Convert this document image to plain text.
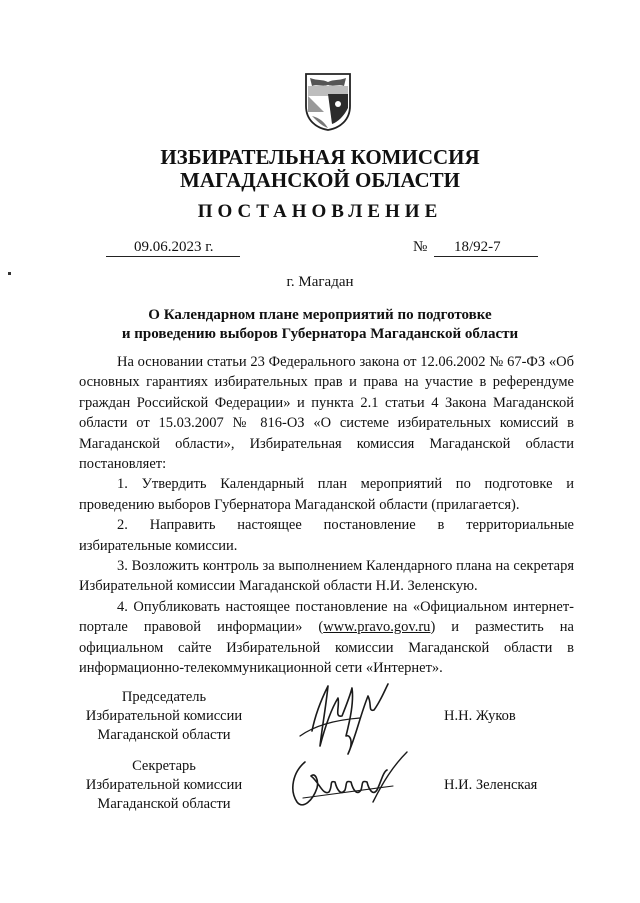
ИЗБИРАТЕЛЬНАЯ КОМИССИЯ
МАГАДАНСКОЙ ОБЛАСТИ
ПОСТАНОВЛЕНИЕ
09.06.2023 г.	№	18/92-7
г. Магадан
О Календарном плане мероприятий по подготовке
и проведению выборов Губернатора Магаданской области

На основании статьи 23 Федерального закона от 12.06.2002 № 67-ФЗ «Об основных гарантиях избирательных прав и права на участие в референдуме граждан Российской Федерации» и пункта 2.1 статьи 4 Закона Магаданской области от 15.03.2007 № 816-ОЗ «О системе избирательных комиссий в Магаданской области», Избирательная комиссия Магаданской области постановляет:

1. Утвердить Календарный план мероприятий по подготовке и проведению выборов Губернатора Магаданской области (прилагается).

2. Направить настоящее постановление в территориальные избирательные комиссии.

3. Возложить контроль за выполнением Календарного плана на секретаря Избирательной комиссии Магаданской области Н.И. Зеленскую.

4. Опубликовать настоящее постановление на «Официальном интернет-портале правовой информации» (www.pravo.gov.ru) и разместить на официальном сайте Избирательной комиссии Магаданской области в информационно-телекоммуникационной сети «Интернет».

Председатель
Избирательной комиссии
Магаданской области
Н.Н. Жуков
Секретарь
Избирательной комиссии
Магаданской области
Н.И. Зеленская
